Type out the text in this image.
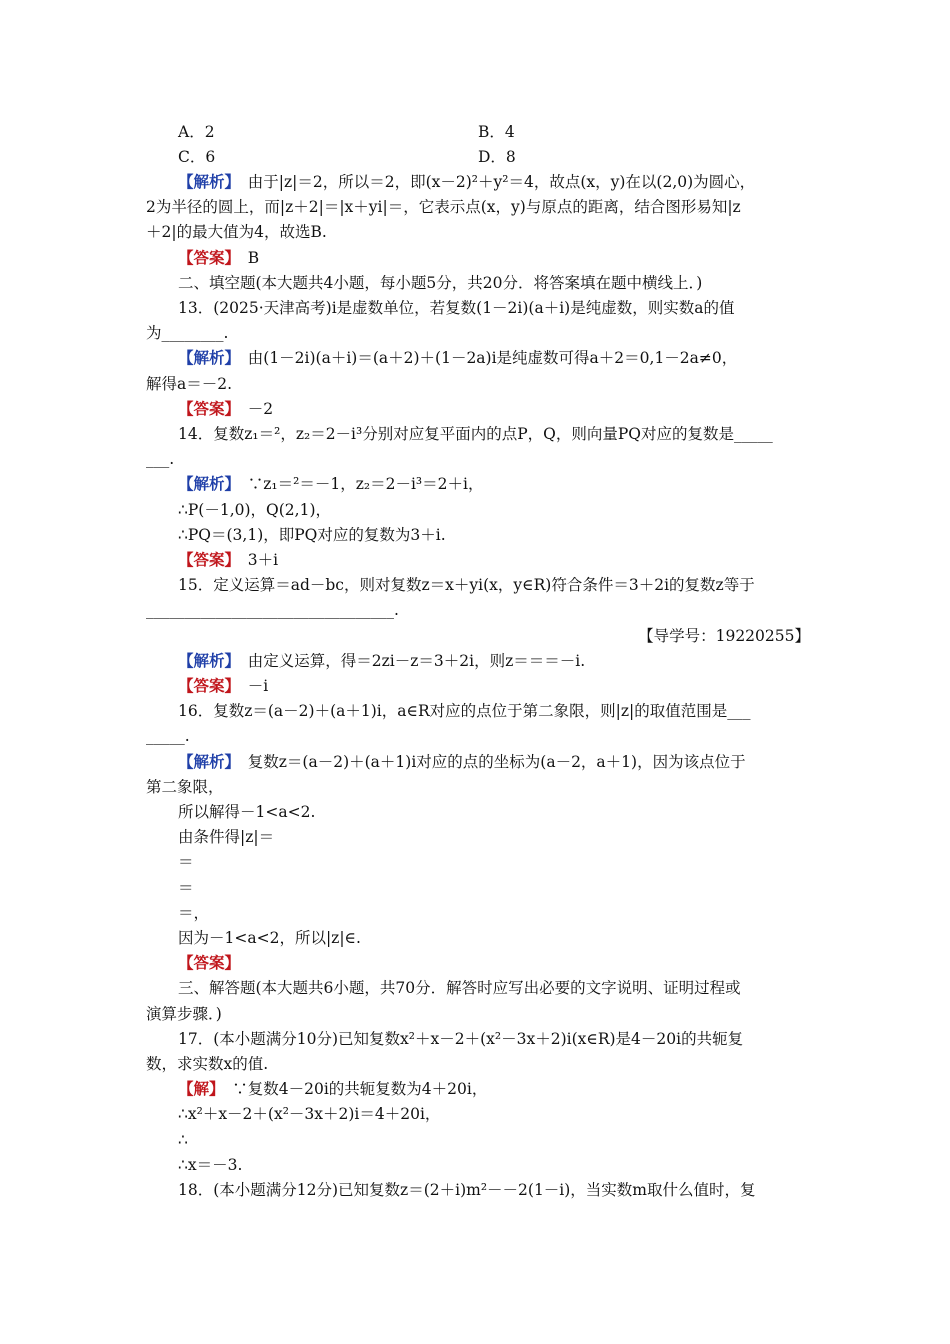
A．2	B．4
C．6	D．8
【解析】　由于|z|＝2，所以＝2，即(x－2)²＋y²＝4，故点(x，y)在以(2,0)为圆心，
2为半径的圆上，而|z＋2|＝|x＋yi|＝，它表示点(x，y)与原点的距离，结合图形易知|z
＋2|的最大值为4，故选B.
【答案】　B
二、填空题(本大题共4小题，每小题5分，共20分．将答案填在题中横线上．)
13．(2025·天津高考)i是虚数单位，若复数(1－2i)(a＋i)是纯虚数，则实数a的值
为________.
【解析】　由(1－2i)(a＋i)＝(a＋2)＋(1－2a)i是纯虚数可得a＋2＝0,1－2a≠0，
解得a＝－2.
【答案】　－2
14．复数z₁＝²，z₂＝2－i³分别对应复平面内的点P，Q，则向量PQ对应的复数是_____
___.
【解析】　∵z₁＝²＝－1，z₂＝2－i³＝2＋i，
∴P(－1,0)，Q(2,1)，
∴PQ＝(3,1)，即PQ对应的复数为3＋i.
【答案】　3＋i
15．定义运算＝ad－bc，则对复数z＝x＋yi(x，y∈R)符合条件＝3＋2i的复数z等于
________________________________.
【导学号：19220255】
【解析】　由定义运算，得＝2zi－z＝3＋2i，则z＝＝＝－i.
【答案】　－i
16．复数z＝(a－2)＋(a＋1)i，a∈R对应的点位于第二象限，则|z|的取值范围是___
_____.
【解析】　复数z＝(a－2)＋(a＋1)i对应的点的坐标为(a－2，a＋1)，因为该点位于
第二象限，
所以解得－1<a<2.
由条件得|z|＝
＝
＝
＝，
因为－1<a<2，所以|z|∈.
【答案】
三、解答题(本大题共6小题，共70分．解答时应写出必要的文字说明、证明过程或
演算步骤．)
17．(本小题满分10分)已知复数x²＋x－2＋(x²－3x＋2)i(x∈R)是4－20i的共轭复
数，求实数x的值.
【解】　∵复数4－20i的共轭复数为4＋20i，
∴x²＋x－2＋(x²－3x＋2)i＝4＋20i，
∴
∴x＝－3.
18．(本小题满分12分)已知复数z＝(2＋i)m²－－2(1－i)，当实数m取什么值时，复
